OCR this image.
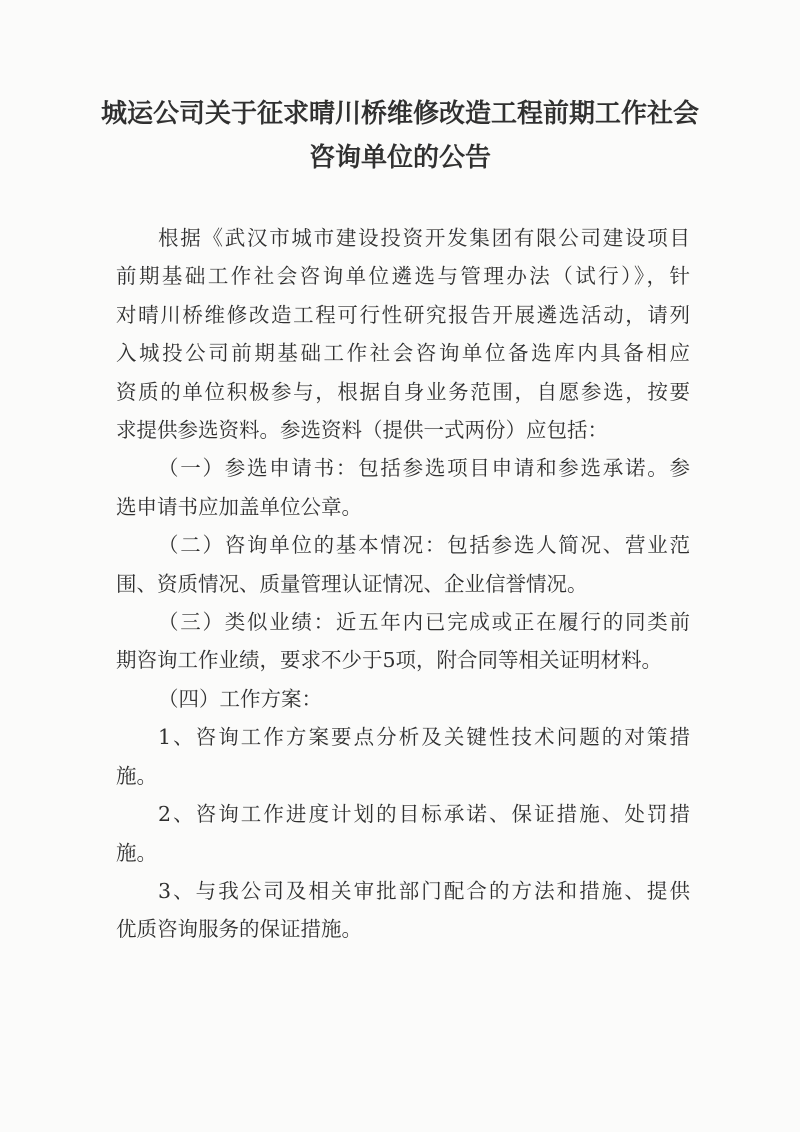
城运公司关于征求晴川桥维修改造工程前期工作社会
咨询单位的公告
根据《武汉市城市建设投资开发集团有限公司建设项目
前期基础工作社会咨询单位遴选与管理办法（试行）》，针
对晴川桥维修改造工程可行性研究报告开展遴选活动，请列
入城投公司前期基础工作社会咨询单位备选库内具备相应
资质的单位积极参与，根据自身业务范围，自愿参选，按要
求提供参选资料。参选资料（提供一式两份）应包括：
（一）参选申请书：包括参选项目申请和参选承诺。参
选申请书应加盖单位公章。
（二）咨询单位的基本情况：包括参选人简况、营业范
围、资质情况、质量管理认证情况、企业信誉情况。
（三）类似业绩：近五年内已完成或正在履行的同类前
期咨询工作业绩，要求不少于5项，附合同等相关证明材料。
（四）工作方案：
1、咨询工作方案要点分析及关键性技术问题的对策措
施。
2、咨询工作进度计划的目标承诺、保证措施、处罚措
施。
3、与我公司及相关审批部门配合的方法和措施、提供
优质咨询服务的保证措施。
